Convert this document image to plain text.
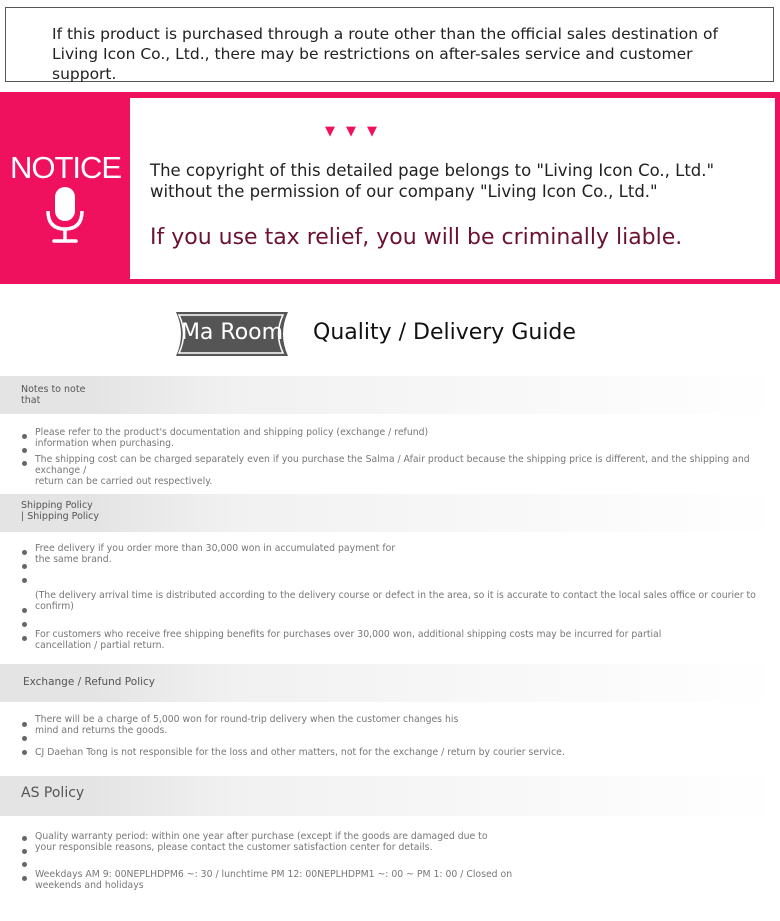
If this product is purchased through a route other than the official sales destination of Living Icon Co., Ltd., there may be restrictions on after-sales service and customer support.
NOTICE
▼▼▼
The copyright of this detailed page belongs to "Living Icon Co., Ltd."
without the permission of our company "Living Icon Co., Ltd."
If you use tax relief, you will be criminally liable.
Ma Room	Quality / Delivery Guide
Notes to note
that
Please refer to the product's documentation and shipping policy (exchange / refund)
information when purchasing.
The shipping cost can be charged separately even if you purchase the Salma / Afair product because the shipping price is different, and the shipping and exchange /
return can be carried out respectively.
Shipping Policy
| Shipping Policy
Free delivery if you order more than 30,000 won in accumulated payment for
the same brand.
(The delivery arrival time is distributed according to the delivery course or defect in the area, so it is accurate to contact the local sales office or courier to confirm)
For customers who receive free shipping benefits for purchases over 30,000 won, additional shipping costs may be incurred for partial
cancellation / partial return.
Exchange / Refund Policy
There will be a charge of 5,000 won for round-trip delivery when the customer changes his
mind and returns the goods.
CJ Daehan Tong is not responsible for the loss and other matters, not for the exchange / return by courier service.
AS Policy
Quality warranty period: within one year after purchase (except if the goods are damaged due to
your responsible reasons, please contact the customer satisfaction center for details.
Weekdays AM 9: 00NEPLHDPM6 ~: 30 / lunchtime PM 12: 00NEPLHDPM1 ~: 00 ~ PM 1: 00 / Closed on
weekends and holidays
